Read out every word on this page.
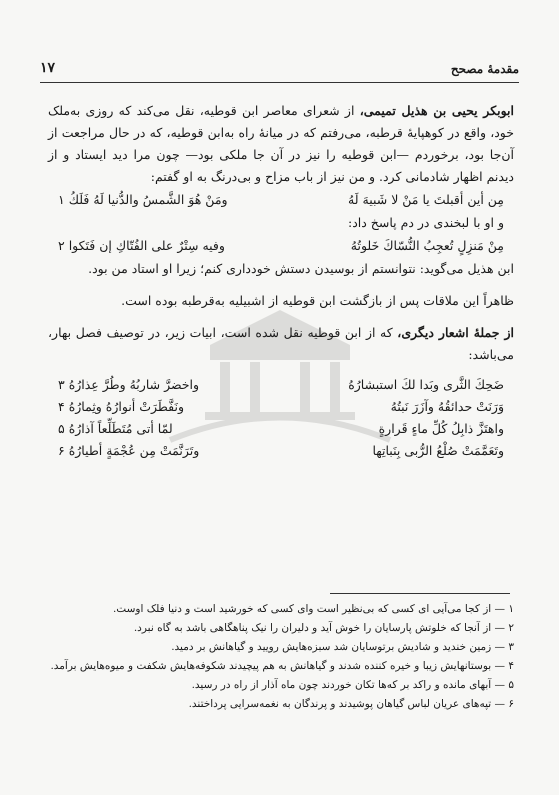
مقدمهٔ مصحح
۱۷

ابوبکر یحیی بن هذیل تمیمی، از شعرای معاصر ابن قوطیه، نقل می‌کند که روزی به‌ملک خود، واقع در کوهپایهٔ قرطبه، می‌رفتم که در میانهٔ راه به‌ابن قوطیه، که در حال مراجعت از آن‌جا بود، برخوردم —ابن قوطیه را نیز در آن جا ملکی بود— چون مرا دید ایستاد و از دیدنم اظهار شادمانی کرد. و من نیز از باب مزاح و بی‌درنگ به او گفتم:

مِن أين أقبلتَ يا مَنْ لا شَبيهَ لَهُ
ومَنْ هُوَ الشَّمسُ والدُّنيا لَهُ فَلَكُ ۱

و او با لبخندی در دم پاسخ داد:

مِنْ مَنزِلٍ تُعجِبُ النُّسّاكَ خَلوتُهُ
وفيه سِتْرٌ على الفُتّاكِ إن فَتَكوا ۲

ابن هذیل می‌گوید: نتوانستم از بوسیدن دستش خودداری کنم؛ زیرا او استاد من بود.

ظاهراً این ملاقات پس از بازگشت ابن قوطیه از اشبیلیه به‌قرطبه بوده است.

از جملهٔ اشعار دیگری، که از ابن قوطیه نقل شده است، ابیات زیر، در توصیف فصل بهار، می‌باشد:

ضَحِكَ الثَّرى وبَدا لكَ استبشارُهُ
واخضرَّ شاربُهُ وطُرَّ عِذارُهُ ۳
وَرَنَتْ حدائقُهُ وآزَرَ نَبتُهُ
ونَفَّطَرَتْ أنوارُهُ وثِمارُهُ ۴
واهتَزَّ ذابِلُ كُلِّ ماءٍ قَرارةٍ
لمّا أتى مُتَطَلِّعاً آذارُهُ ۵
وتَعَمَّمَتْ صُلْعُ الرُّبى بِنَباتِها
وتَرَنَّمَتْ مِن عُجْمَةٍ أطيارُهُ ۶

۱ — از کجا می‌آیی ای کسی که بی‌نظیر است وای کسی که خورشید است و دنیا فلک اوست.

۲ — از آنجا که خلوتش پارسایان را خوش آید و دلیران را نیک پناهگاهی باشد به گاه نبرد.

۳ — زمین خندید و شادیش برتوسایان شد سبزه‌هایش رویید و گیاهانش بر دمید.

۴ — بوستانهایش زیبا و خیره کننده شدند و گیاهانش به هم پیچیدند شکوفه‌هایش شکفت و میوه‌هایش برآمد.

۵ — آبهای مانده و راکد بر که‌ها تکان خوردند چون ماه آذار از راه در رسید.

۶ — تپه‌های عریان لباس گیاهان پوشیدند و پرندگان به نغمه‌سرایی پرداختند.
